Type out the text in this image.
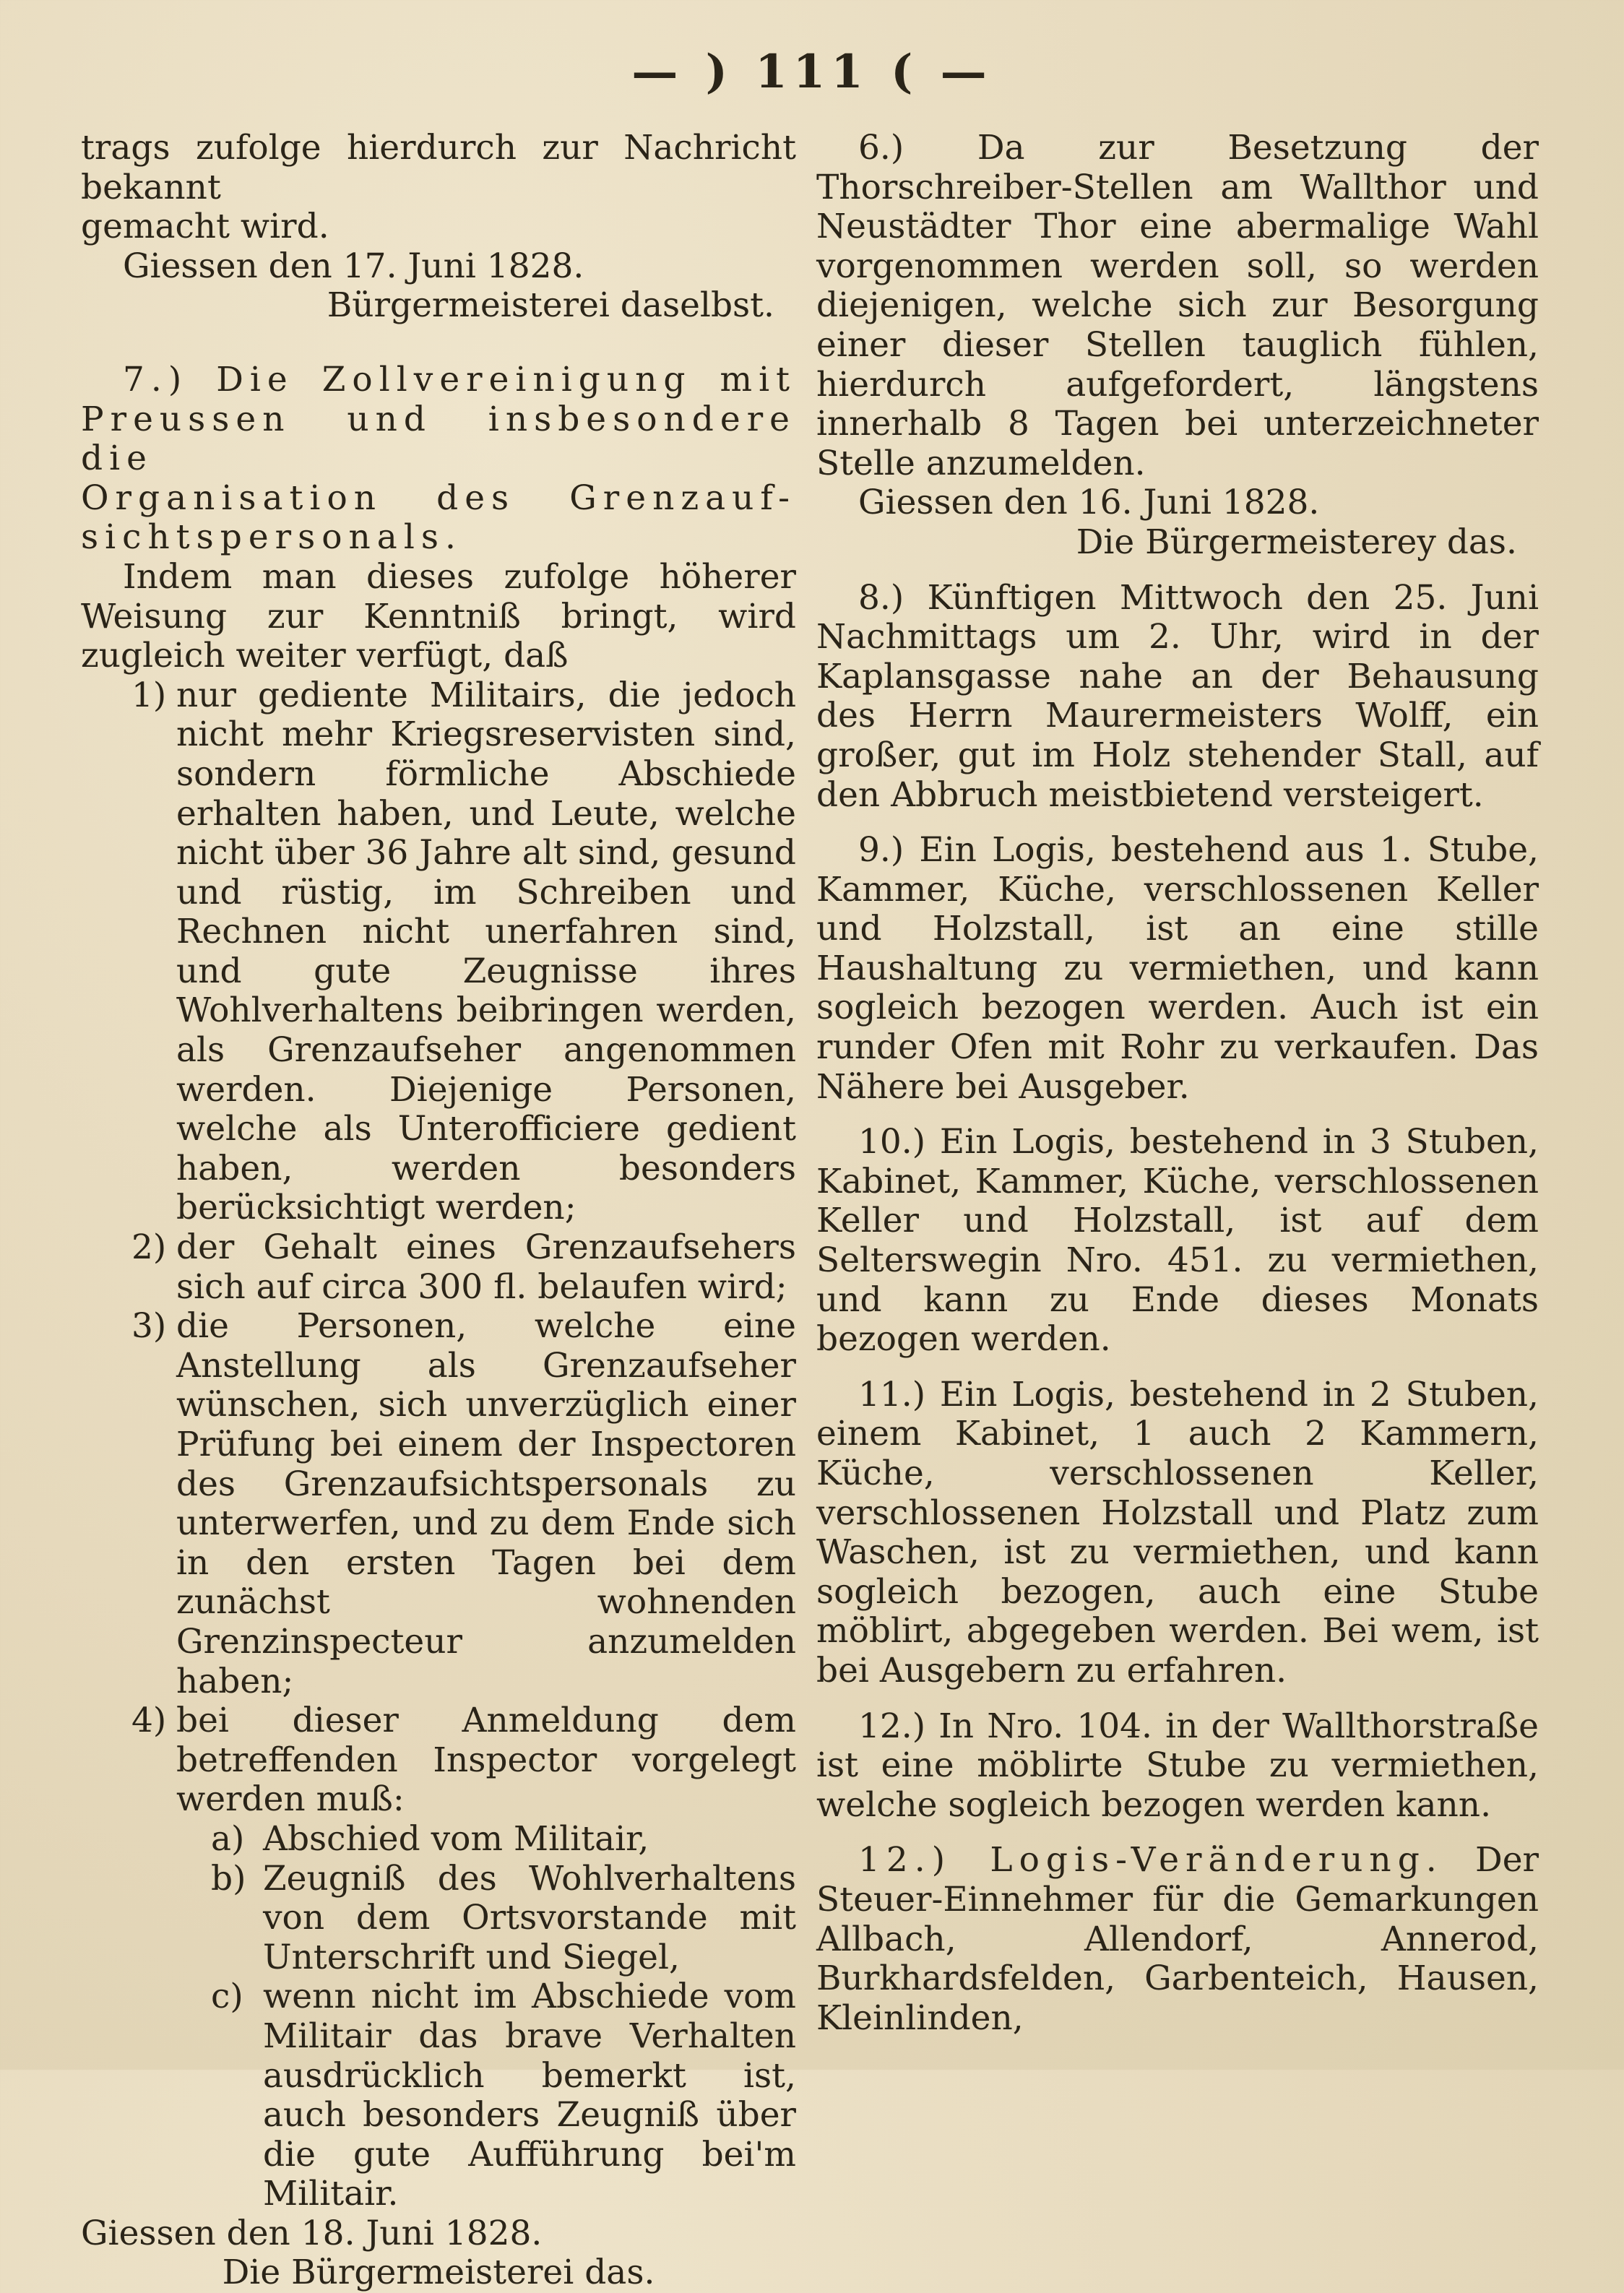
— ) 111 ( —

trags zufolge hierdurch zur Nachricht bekannt

gemacht wird.

Giessen den 17. Juni 1828.

Bürgermeisterei daselbst.

7.) Die Zollvereinigung mit

Preussen und insbesondere die

Organisation des Grenzauf-

sichtspersonals.

Indem man dieses zufolge höherer Weisung zur Kenntniß bringt, wird zugleich weiter verfügt, daß

1) nur gediente Militairs, die jedoch nicht mehr Kriegsreservisten sind, sondern förmliche Abschiede erhalten haben, und Leute, welche nicht über 36 Jahre alt sind, gesund und rüstig, im Schreiben und Rechnen nicht unerfahren sind, und gute Zeugnisse ihres Wohlverhaltens beibringen werden, als Grenzaufseher angenommen werden. Diejenige Personen, welche als Unterofficiere gedient haben, werden besonders berücksichtigt werden;
2) der Gehalt eines Grenzaufsehers sich auf circa 300 fl. belaufen wird;
3) die Personen, welche eine Anstellung als Grenzaufseher wünschen, sich unverzüglich einer Prüfung bei einem der Inspectoren des Grenzaufsichtspersonals zu unterwerfen, und zu dem Ende sich in den ersten Tagen bei dem zunächst wohnenden Grenzinspecteur anzumelden haben;
4) bei dieser Anmeldung dem betreffenden Inspector vorgelegt werden muß:
a) Abschied vom Militair,
b) Zeugniß des Wohlverhaltens von dem Ortsvorstande mit Unterschrift und Siegel,
c) wenn nicht im Abschiede vom Militair das brave Verhalten ausdrücklich bemerkt ist, auch besonders Zeugniß über die gute Aufführung bei'm Militair.

Giessen den 18. Juni 1828.

Die Bürgermeisterei das.

6.) Da zur Besetzung der Thorschreiber-Stellen am Wallthor und Neustädter Thor eine abermalige Wahl vorgenommen werden soll, so werden diejenigen, welche sich zur Besorgung einer dieser Stellen tauglich fühlen, hierdurch aufgefordert, längstens innerhalb 8 Tagen bei unterzeichneter Stelle anzumelden.

Giessen den 16. Juni 1828.

Die Bürgermeisterey das.

8.) Künftigen Mittwoch den 25. Juni Nachmittags um 2. Uhr, wird in der Kaplansgasse nahe an der Behausung des Herrn Maurermeisters Wolff, ein großer, gut im Holz stehender Stall, auf den Abbruch meistbietend versteigert.

9.) Ein Logis, bestehend aus 1. Stube, Kammer, Küche, verschlossenen Keller und Holzstall, ist an eine stille Haushaltung zu vermiethen, und kann sogleich bezogen werden. Auch ist ein runder Ofen mit Rohr zu verkaufen. Das Nähere bei Ausgeber.

10.) Ein Logis, bestehend in 3 Stuben, Kabinet, Kammer, Küche, verschlossenen Keller und Holzstall, ist auf dem Selterswegin Nro. 451. zu vermiethen, und kann zu Ende dieses Monats bezogen werden.

11.) Ein Logis, bestehend in 2 Stuben, einem Kabinet, 1 auch 2 Kammern, Küche, verschlossenen Keller, verschlossenen Holzstall und Platz zum Waschen, ist zu vermiethen, und kann sogleich bezogen, auch eine Stube möblirt, abgegeben werden. Bei wem, ist bei Ausgebern zu erfahren.

12.) In Nro. 104. in der Wallthorstraße ist eine möblirte Stube zu vermiethen, welche sogleich bezogen werden kann.

12.) Logis-Veränderung. Der Steuer-Einnehmer für die Gemarkungen Allbach, Allendorf, Annerod, Burkhardsfelden, Garbenteich, Hausen, Kleinlinden,
